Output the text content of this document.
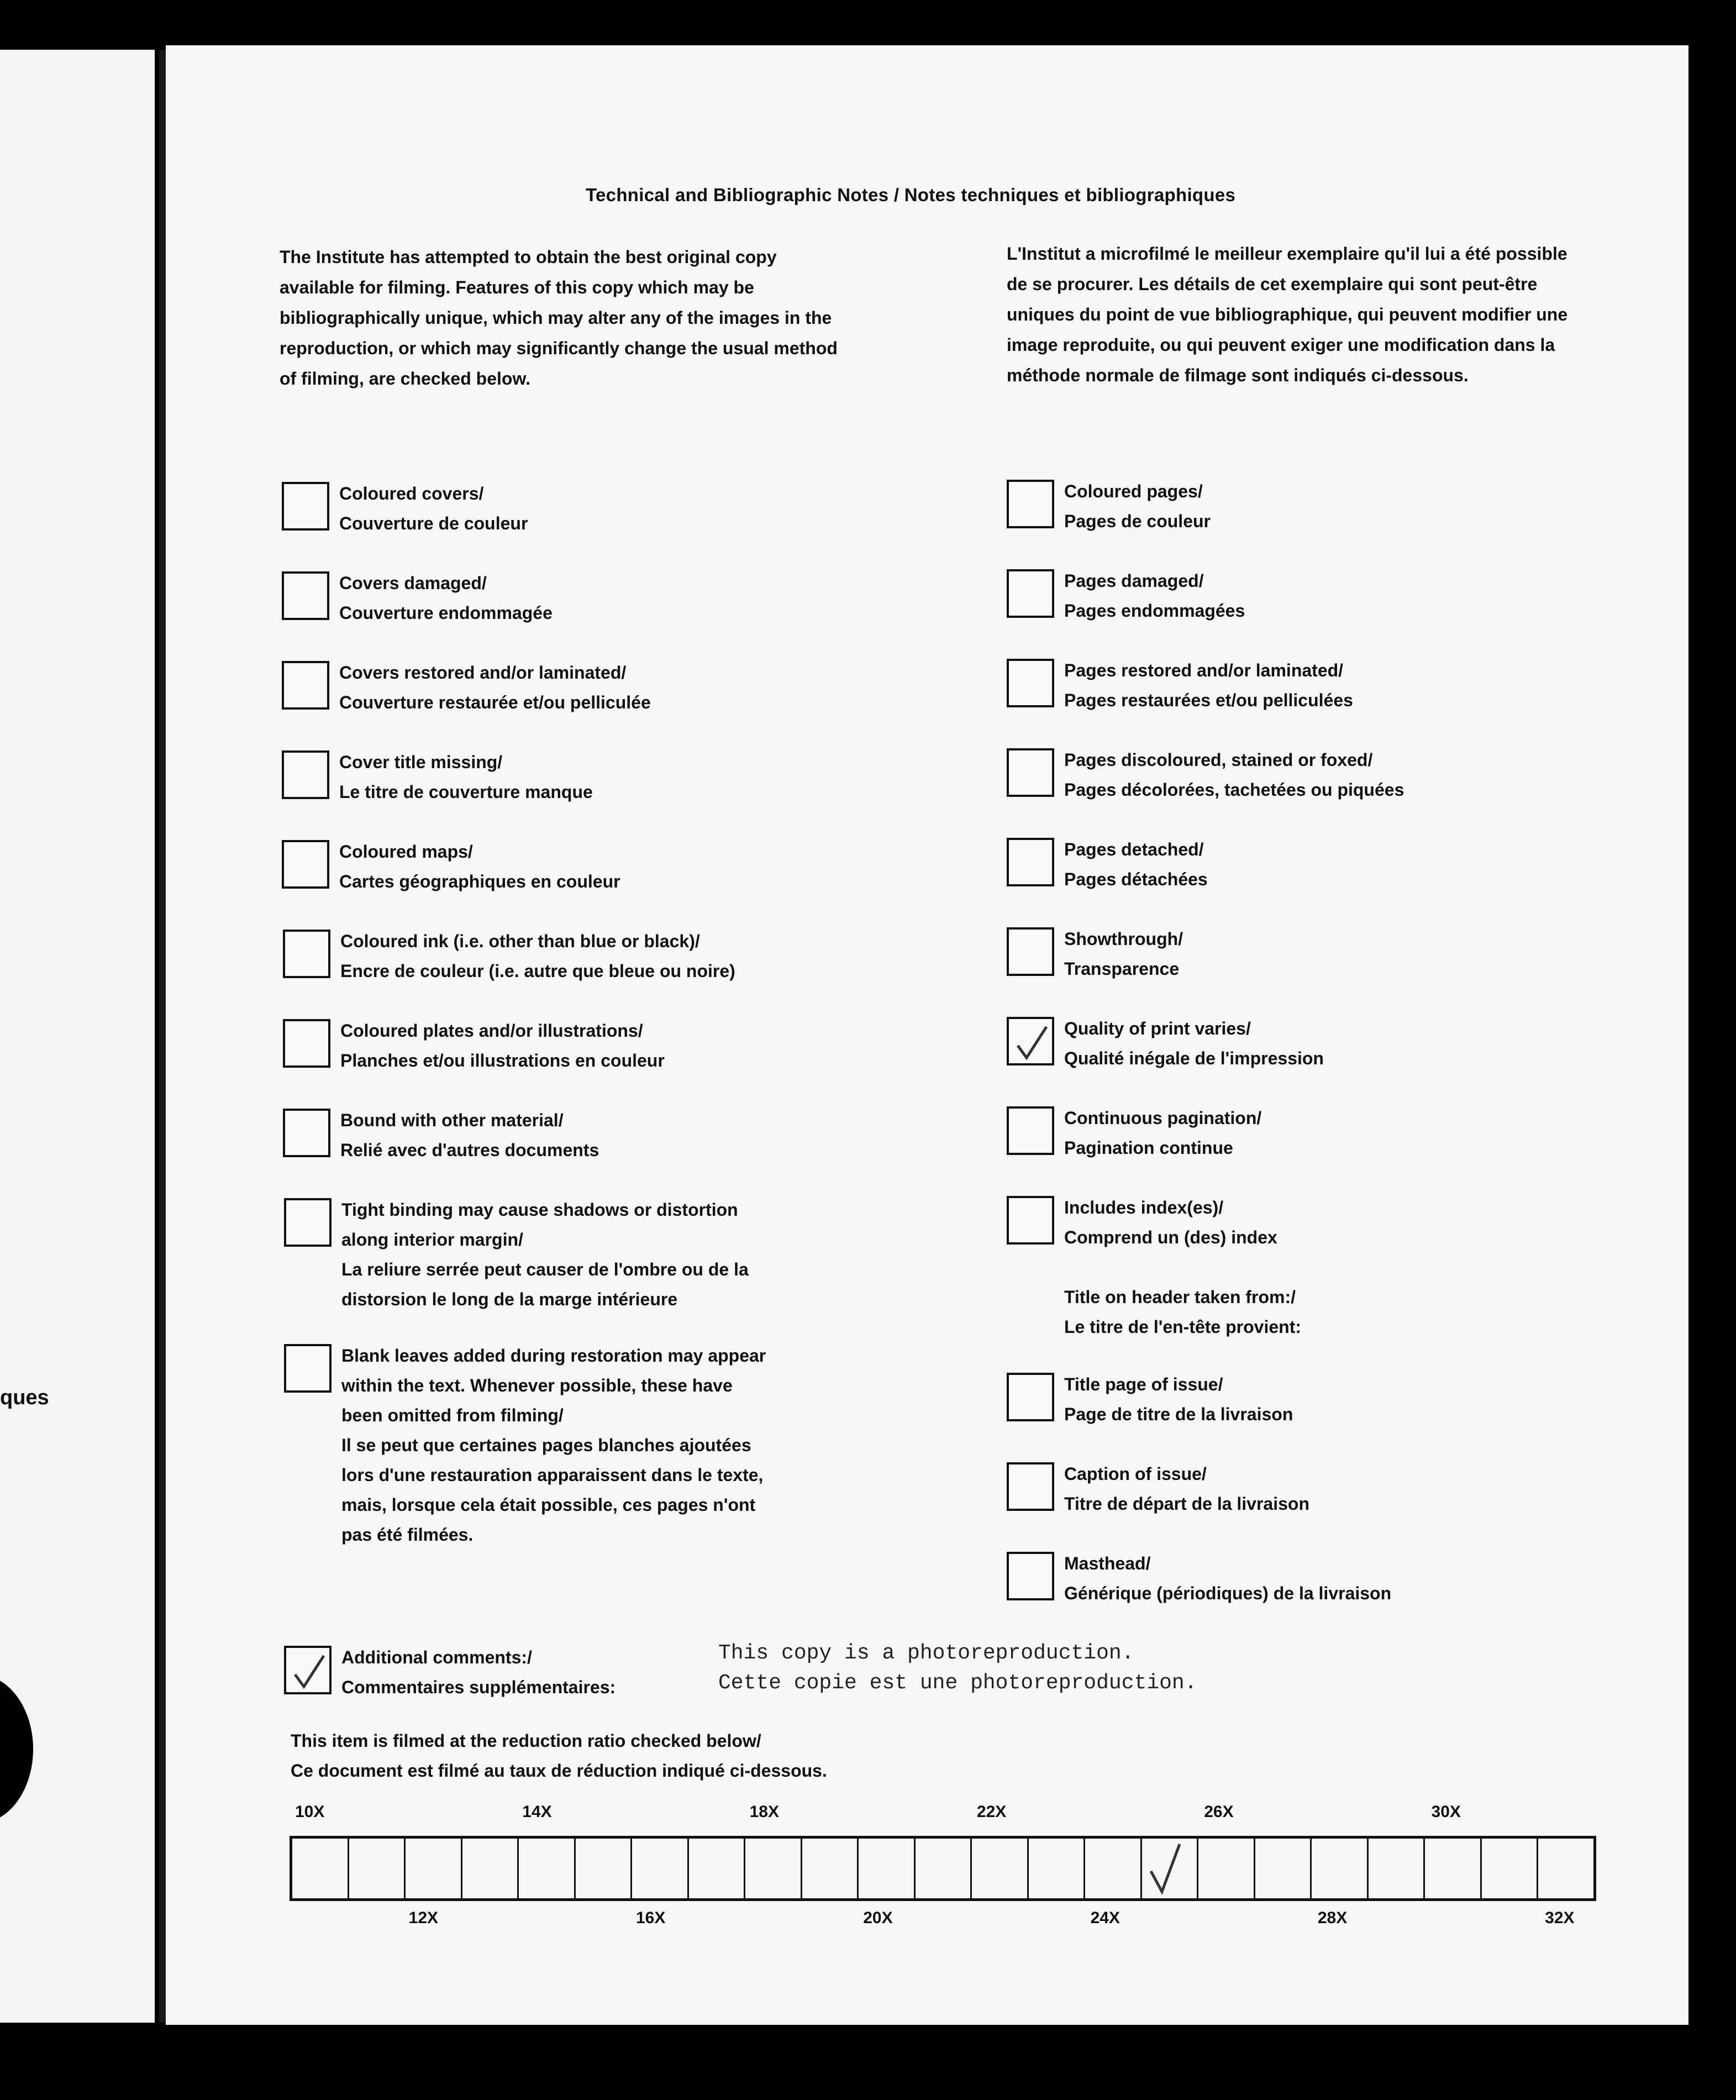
ques
Technical and Bibliographic Notes / Notes techniques et bibliographiques

The Institute has attempted to obtain the best original copy available for filming. Features of this copy which may be bibliographically unique, which may alter any of the images in the reproduction, or which may significantly change the usual method of filming, are checked below.

L'Institut a microfilmé le meilleur exemplaire qu'il lui a été possible de se procurer. Les détails de cet exemplaire qui sont peut-être uniques du point de vue bibliographique, qui peuvent modifier une image reproduite, ou qui peuvent exiger une modification dans la méthode normale de filmage sont indiqués ci-dessous.

Coloured covers/
Couverture de couleur
Covers damaged/
Couverture endommagée
Covers restored and/or laminated/
Couverture restaurée et/ou pelliculée
Cover title missing/
Le titre de couverture manque
Coloured maps/
Cartes géographiques en couleur
Coloured ink (i.e. other than blue or black)/
Encre de couleur (i.e. autre que bleue ou noire)
Coloured plates and/or illustrations/
Planches et/ou illustrations en couleur
Bound with other material/
Relié avec d'autres documents
Tight binding may cause shadows or distortion
along interior margin/
La reliure serrée peut causer de l'ombre ou de la
distorsion le long de la marge intérieure
Blank leaves added during restoration may appear
within the text. Whenever possible, these have
been omitted from filming/
Il se peut que certaines pages blanches ajoutées
lors d'une restauration apparaissent dans le texte,
mais, lorsque cela était possible, ces pages n'ont
pas été filmées.
Coloured pages/
Pages de couleur
Pages damaged/
Pages endommagées
Pages restored and/or laminated/
Pages restaurées et/ou pelliculées
Pages discoloured, stained or foxed/
Pages décolorées, tachetées ou piquées
Pages detached/
Pages détachées
Showthrough/
Transparence
Quality of print varies/
Qualité inégale de l'impression
Continuous pagination/
Pagination continue
Includes index(es)/
Comprend un (des) index
Title on header taken from:/
Le titre de l'en-tête provient:
Title page of issue/
Page de titre de la livraison
Caption of issue/
Titre de départ de la livraison
Masthead/
Générique (périodiques) de la livraison
Additional comments:/
Commentaires supplémentaires:
This copy is a photoreproduction.
Cette copie est une photoreproduction.
This item is filmed at the reduction ratio checked below/
Ce document est filmé au taux de réduction indiqué ci-dessous.
10X	14X	18X	22X	26X	30X
12X	16X	20X	24X	28X	32X
